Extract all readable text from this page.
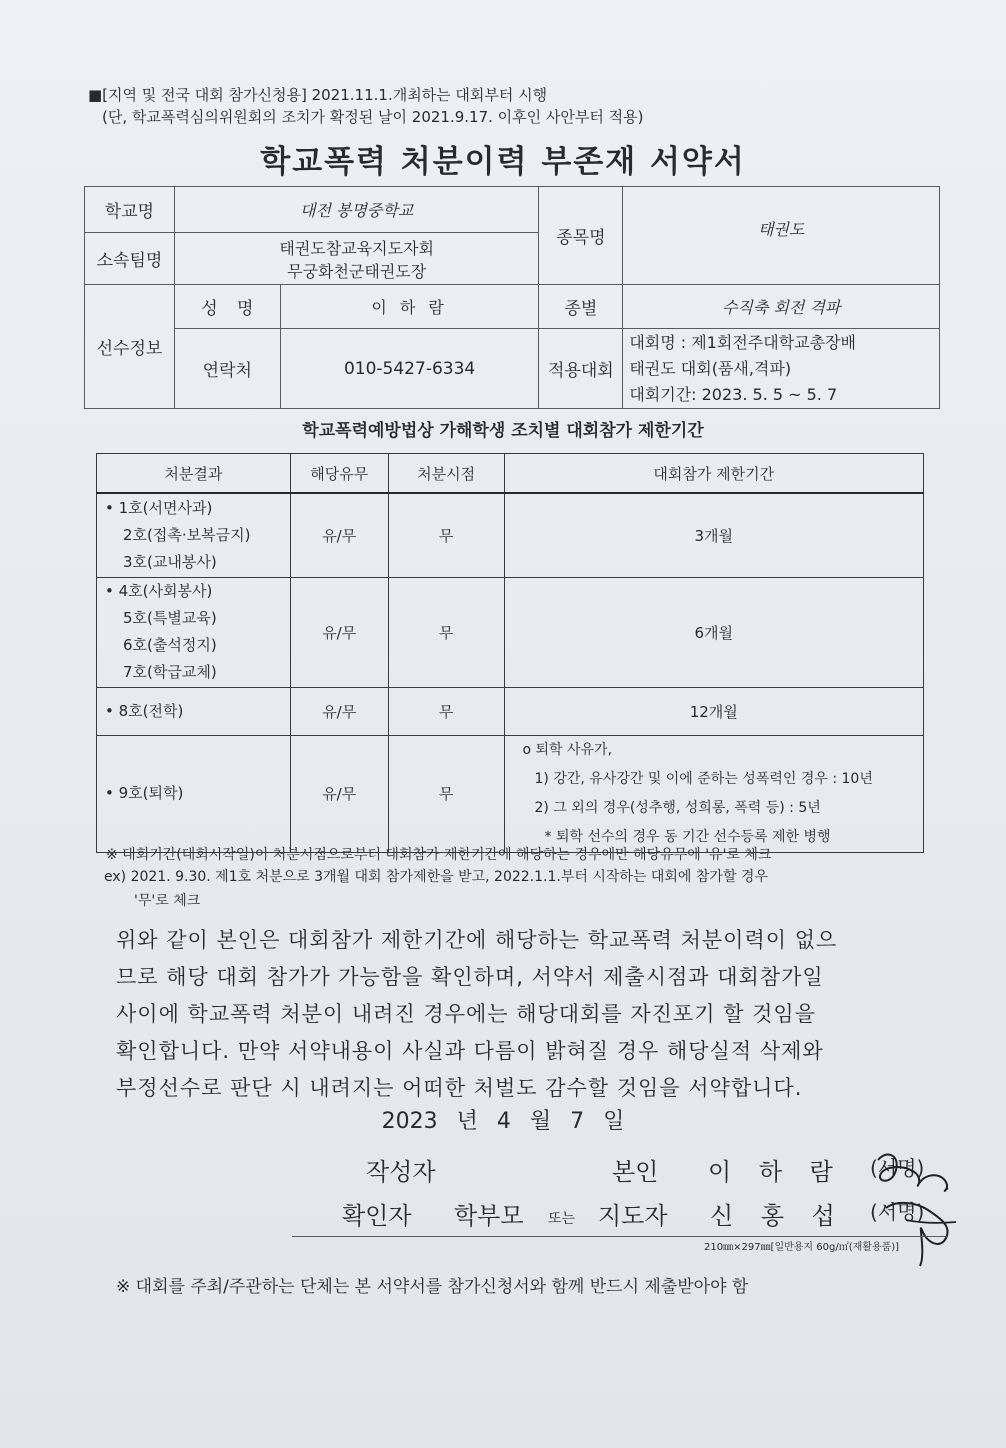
■[지역 및 전국 대회 참가신청용] 2021.11.1.개최하는 대회부터 시행
(단, 학교폭력심의위원회의 조치가 확정된 날이 2021.9.17. 이후인 사안부터 적용)
학교폭력 처분이력 부존재 서약서
학교명	대전 봉명중학교		종목명	태권도
소속팀명	태권도참교육지도자회
무궁화천군태권도장			

선수정보	성 명	이 하 람	종별	수직축 회전 격파
	연락처	010-5427-6334	적용대회	대회명 : 제1회전주대학교총장배
태권도 대회(품새,격파)
대회기간: 2023. 5. 5 ~ 5. 7
학교폭력예방법상 가해학생 조치별 대회참가 제한기간
처분결과	해당유무	처분시점	대회참가 제한기간

• 1호(서면사과)
2호(접촉·보복금지)
3호(교내봉사)	유/무	무	3개월

• 4호(사회봉사)
5호(특별교육)
6호(출석정지)
7호(학급교체)	유/무	무	6개월

• 8호(전학)	유/무	무	12개월

• 9호(퇴학)	유/무	무	o 퇴학 사유가,
1) 강간, 유사강간 및 이에 준하는 성폭력인 경우 : 10년
2) 그 외의 경우(성추행, 성희롱, 폭력 등) : 5년
* 퇴학 선수의 경우 동 기간 선수등록 제한 병행
※ 대회기간(대회시작일)이 처분시점으로부터 대회참가 제한기간에 해당하는 경우에만 해당유무에 '유'로 체크
ex) 2021. 9.30. 제1호 처분으로 3개월 대회 참가제한을 받고, 2022.1.1.부터 시작하는 대회에 참가할 경우
'무'로 체크
위와 같이 본인은 대회참가 제한기간에 해당하는 학교폭력 처분이력이 없으
므로 해당 대회 참가가 가능함을 확인하며, 서약서 제출시점과 대회참가일
사이에 학교폭력 처분이 내려진 경우에는 해당대회를 자진포기 할 것임을
확인합니다. 만약 서약내용이 사실과 다름이 밝혀질 경우 해당실적 삭제와
부정선수로 판단 시 내려지는 어떠한 처벌도 감수할 것임을 서약합니다.
2023 년 4 월 7 일
작성자	본인 이 하 람 (서명)
확인자 학부모 또는 지도자 신 홍 섭 (서명)
210㎜×297㎜[일반용지 60g/㎡(재활용품)]
※ 대회를 주최/주관하는 단체는 본 서약서를 참가신청서와 함께 반드시 제출받아야 함
